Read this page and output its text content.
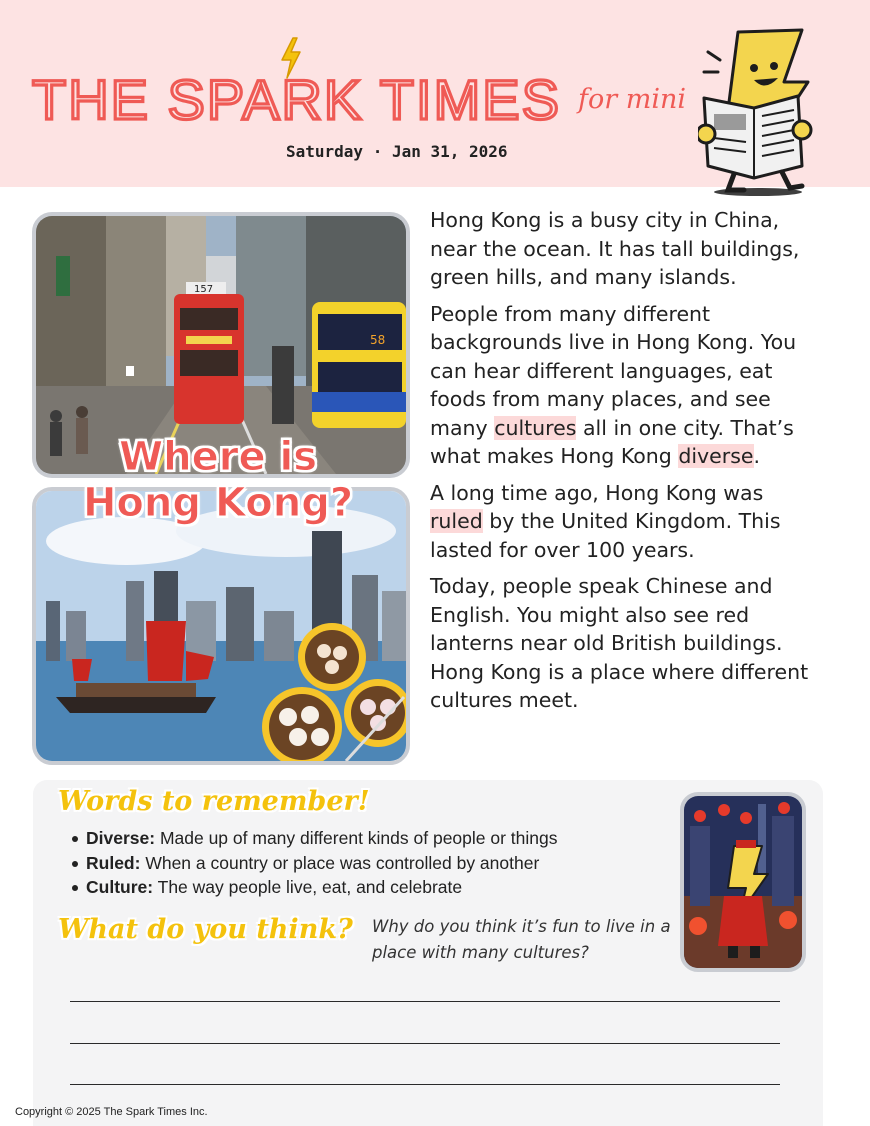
THE SPARK TIMES for mini
Saturday · Jan 31, 2026
157
58
Where is
Hong Kong?

Hong Kong is a busy city in China, near the ocean. It has tall buildings, green hills, and many islands.

People from many different backgrounds live in Hong Kong. You can hear different languages, eat foods from many places, and see many cultures all in one city. That’s what makes Hong Kong diverse.

A long time ago, Hong Kong was ruled by the United Kingdom. This lasted for over 100 years.

Today, people speak Chinese and English. You might also see red lanterns near old British buildings. Hong Kong is a place where different cultures meet.

Words to remember!
Diverse: Made up of many different kinds of people or things
Ruled: When a country or place was controlled by another
Culture: The way people live, eat, and celebrate
What do you think? Why do you think it’s fun to live in a place with many cultures?
Copyright © 2025 The Spark Times Inc.
